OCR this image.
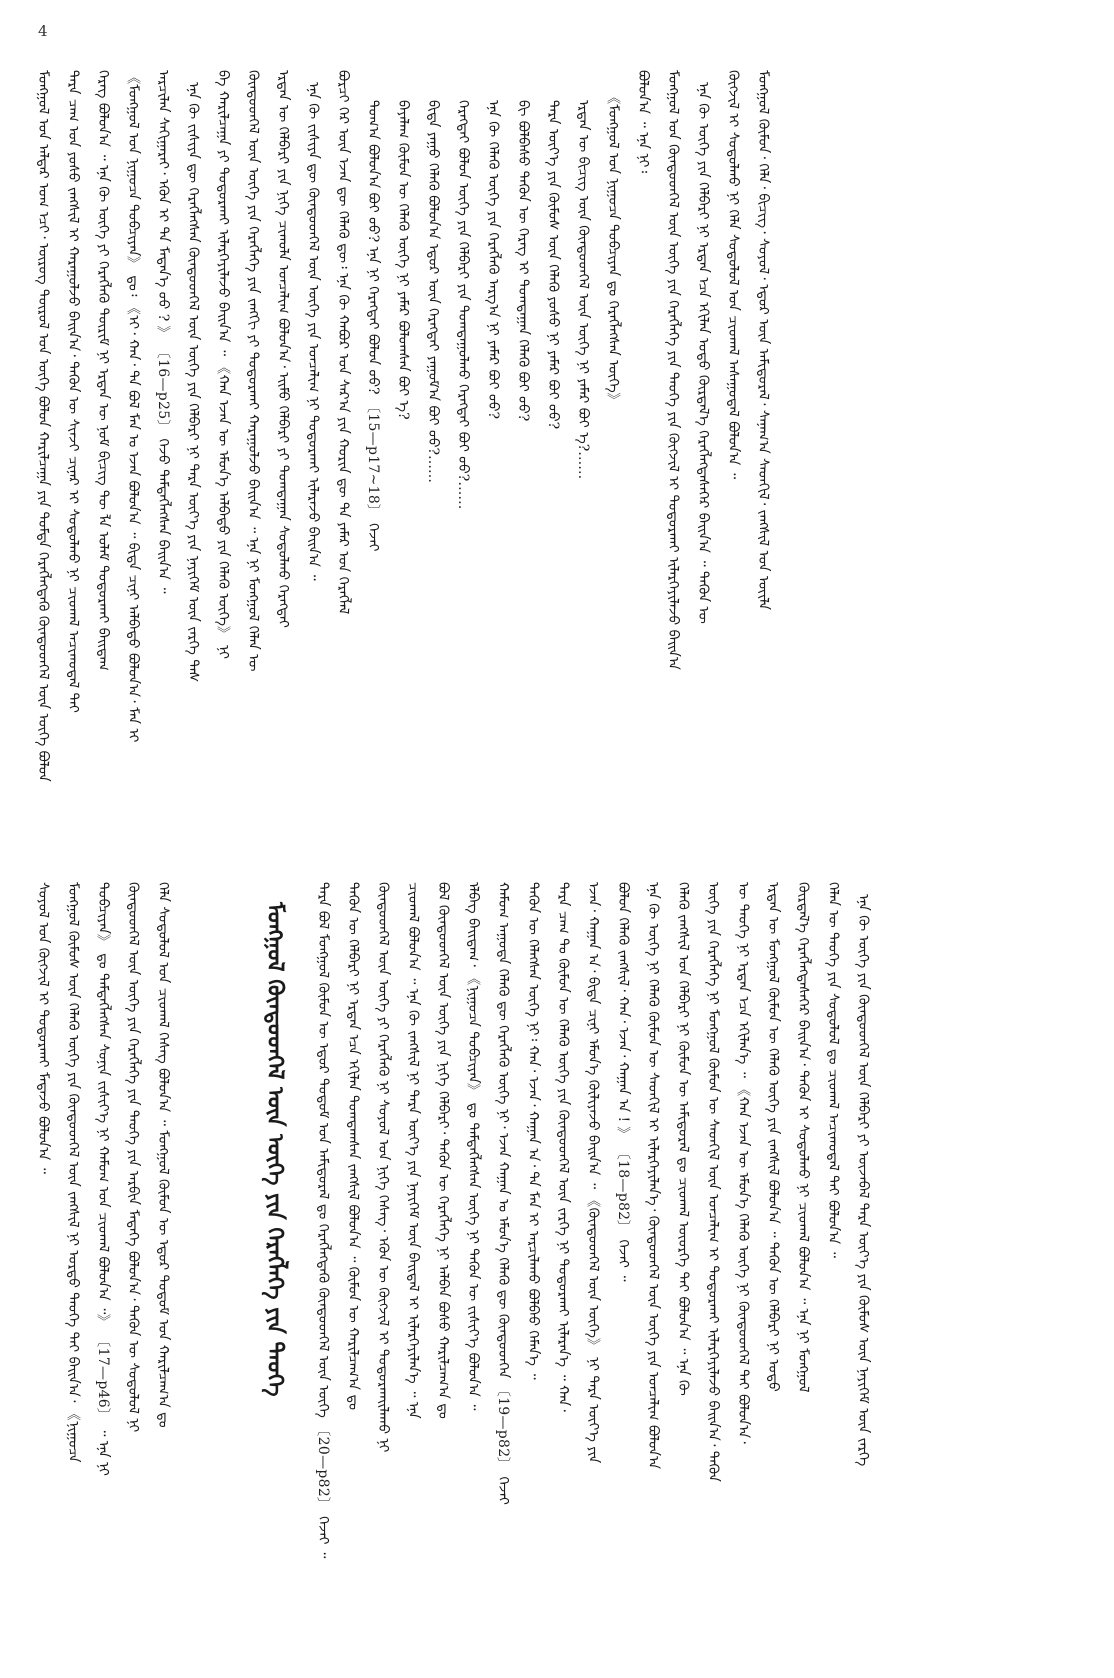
4
ᠮᠣᠩᠭᠣᠯ ᠤᠨ ᠠᠯᠳᠠᠷ ᠤᠭ ᠡᠴᠢ᠂ ᠦᠷᠦᠭ ᠲᠦᠷᠦᠯ ᠤᠨ ᠦᠭᠡ ᠪᠣᠯᠣᠨ ᠬᠠᠷᠢᠯᠴᠠᠭᠠ ᠶᠢᠨ ᠳᠤᠮᠳᠠ ᠬᠡᠷᠡᠭᠯᠡᠭᠳᠡᠬᠦ ᠬᠦᠨᠳᠦᠳᠬᠡᠯ ᠦᠨ ᠦᠭᠡ ᠪᠣᠯᠣᠨ	ᠲᠡᠷᠡ ᠴᠠᠭ ᠤᠨ ᠶᠣᠰᠣ ᠵᠠᠩᠰᠢᠯ ᠢ ᠬᠠᠷᠠᠭᠤᠯᠵᠤ ᠪᠠᠢᠨ᠎ᠠ᠂ ᠲᠡᠭᠦᠨ ᠦ ᠰᠢᠨᠵᠢ ᠴᠢᠨᠠᠷ ᠢ ᠰᠤᠳᠤᠯᠬᠤ ᠨᠢ ᠴᠢᠤᠬᠠᠯ ᠠᠴᠢᠬᠤᠳᠠᠯ ᠲᠠᠢ	ᠬᠡᠷᠡᠭ ᠪᠣᠯᠤᠨ᠎ᠠ ᠃ ᠡᠨᠡ ᠬᠦ ᠦᠭᠡ ᠶᠢ ᠬᠡᠷᠡᠭᠯᠡᠬᠦ ᠳᠦᠷᠢᠮ ᠨᠢ ᠡᠷᠲᠡᠨ ᠦ ᠨᠣᠮ ᠪᠢᠴᠢᠭ ᠲᠦ ᠯᠡ ᠤᠯᠠᠮ ᠲᠤᠳᠣᠷᠬᠠᠢ ᠪᠠᠢᠳᠠᠭ	《ᠮᠣᠩᠭᠣᠯ ᠤᠨ ᠨᠢᠭᠤᠴᠠ ᠲᠣᠪᠴᠢᠶᠠᠨ》 ᠳᠤ᠄ 《ᠡᠢ᠂ ᠬᠠᠨ᠂ ᠲᠠ ᠪᠣᠯ ᠮᠠᠨ ᠤ ᠡᠵᠡᠨ ᠪᠣᠯᠤᠨ᠎ᠠ ᠃ ᠪᠢᠳᠡ ᠴᠢᠨᠢ ᠠᠯᠪᠠᠲᠤ ᠪᠣᠯᠤᠨ᠎ᠠ᠂ ᠮᠠᠨ ᠢ	ᠠᠷᠴᠢᠯᠠᠨ ᠰᠠᠬᠢᠭᠠᠷᠠᠢ᠂ ᠡᠭᠦᠨ ᠢ ᠲᠠ ᠮᠡᠳᠡᠨ᠎ᠡ ᠦᠦ ? 》 〔16—p25〕 ᠭᠡᠵᠦ ᠲᠡᠮᠳᠡᠭᠯᠡᠭᠰᠡᠨ ᠪᠠᠢᠨ᠎ᠠ ᠃	ᠡᠨᠡ ᠬᠦ ᠵᠢᠱᠢᠶᠡ ᠳᠦ ᠬᠡᠷᠡᠭᠯᠡᠭᠰᠡᠨ ᠬᠦᠨᠳᠦᠳᠬᠡᠯ ᠦᠨ ᠦᠭᠡ ᠶᠢᠨ ᠬᠡᠯᠪᠡᠷᠢ ᠨᠢ ᠲᠡᠷᠡ ᠦᠶ᠎ᠡ ᠶᠢᠨ ᠨᠡᠶᠢᠭᠡᠮ ᠦᠨ ᠵᠡᠷᠭᠡ ᠳᠡᠰ	ᠪᠠ ᠬᠠᠷᠢᠯᠴᠠᠭᠠ ᠶᠢ ᠲᠣᠳᠣᠷᠬᠠᠢ ᠢᠯᠡᠷᠬᠡᠶᠢᠯᠡᠵᠦ ᠪᠠᠢᠨ᠎ᠠ ᠃ 《ᠬᠠᠨ ᠡᠵᠡᠨ ᠦ ᠡᠮᠦᠨ᠎ᠡ ᠠᠯᠪᠠᠲᠤ ᠶᠢᠨ ᠬᠡᠯᠡᠬᠦ ᠦᠭᠡ》 ᠨᠢ	ᠬᠦᠨᠳᠦᠳᠬᠡᠯ ᠦᠨ ᠦᠭᠡ ᠶᠢᠨ ᠬᠡᠷᠡᠭᠯᠡᠭᠡ ᠶᠢᠨ ᠵᠠᠩᠭᠢ ᠶᠢ ᠲᠣᠳᠣᠷᠬᠠᠢ ᠬᠠᠷᠠᠭᠤᠯᠵᠤ ᠪᠠᠢᠨ᠎ᠠ ᠃ ᠡᠨᠡ ᠨᠢ ᠮᠣᠩᠭᠣᠯ ᠬᠡᠯᠡᠨ ᠦ	ᠡᠷᠲᠡᠨ ᠦ ᠬᠡᠯᠪᠡᠷᠢ ᠶᠢᠨ ᠨᠢᠭᠡ ᠴᠢᠬᠤᠯᠠ ᠣᠨᠴᠠᠯᠢᠭ ᠪᠣᠯᠤᠨ᠎ᠠ᠂ ᠡᠢᠮᠦ ᠬᠡᠯᠪᠡᠷᠢ ᠶᠢ ᠲᠣᠭᠲᠠᠭᠠᠨ ᠰᠤᠳᠤᠯᠬᠤ ᠬᠡᠷᠡᠭᠲᠡᠢ	ᠡᠨᠡ ᠬᠦ ᠵᠢᠱᠢᠶᠡ ᠳᠦ ᠬᠦᠨᠳᠦᠳᠬᠡᠯ ᠦᠨ ᠦᠭᠡ ᠶᠢᠨ ᠣᠨᠴᠠᠯᠢᠭ ᠨᠢ ᠲᠣᠳᠣᠷᠬᠠᠢ ᠢᠯᠡᠷᠡᠵᠦ ᠪᠠᠢᠨ᠎ᠠ ᠃	ᠪᠣᠷᠴᠢ ᠭᠡᠷ ᠦᠨ ᠡᠵᠡᠨ ᠳᠦ ᠬᠡᠯᠡᠬᠦ ᠳᠦ᠄ ᠡᠨᠡ ᠬᠦ ᠬᠠᠪᠤᠷ ᠤᠨ ᠰᠠᠷ᠎ᠠ ᠶᠢᠨ ᠬᠤᠷᠢᠨ ᠳᠦ ᠲᠠ ᠶᠠᠮᠠᠷ ᠡᠳ ᠬᠡᠷᠡᠭᠯᠡᠯ	ᠲᠣᠭ᠎ᠠ ᠪᠣᠯᠤᠨ᠎ᠠ ᠪᠤᠢ ᠦᠦ? ᠡᠨᠡ ᠨᠢ ᠬᠡᠷᠡᠭᠲᠡᠢ ᠪᠣᠯᠤᠨ ᠦᠦ? 〔15—p17~18〕 ᠭᠡᠵᠡᠢ
ᠪᠠᠶᠠᠯᠠᠭ ᠬᠦᠮᠦᠨ ᠦ ᠬᠡᠯᠡᠬᠦ ᠦᠭᠡ ᠨᠢ ᠶᠠᠮᠠᠷ ᠪᠣᠯᠤᠭᠰᠠᠨ ᠪᠤᠢ ᠡ?	ᠪᠢᠳᠡ ᠶᠠᠭᠤ ᠬᠡᠯᠡᠬᠦ ᠪᠣᠯᠤᠨ᠎ᠠ ᠡᠳᠦᠷ ᠦᠨ ᠬᠡᠷᠡᠭᠲᠡᠢ ᠶᠠᠭᠤᠮ᠎ᠠ ᠪᠤᠢ ᠦᠦ?……	ᠬᠡᠷᠡᠭᠲᠡᠢ ᠪᠣᠯᠤᠨ ᠦᠭᠡ ᠶᠢᠨ ᠬᠡᠯᠪᠡᠷᠢ ᠶᠢᠨ ᠲᠣᠭᠲᠠᠭᠤᠯᠬᠤ ᠬᠡᠷᠡᠭᠲᠡᠢ ᠪᠤᠢ ᠦᠦ?……	ᠡᠨᠡ ᠬᠦ ᠬᠡᠯᠡᠬᠦ ᠦᠭᠡ ᠶᠢᠨ ᠬᠡᠷᠡᠭᠯᠡᠬᠦ ᠠᠷᠭ᠎ᠠ ᠨᠢ ᠶᠠᠮᠠᠷ ᠪᠤᠢ ᠦᠦ?	ᠪᠢ ᠪᠣᠯᠪᠠᠰᠤ ᠲᠡᠭᠦᠨ ᠦ ᠬᠡᠷᠡᠭ ᠢ ᠲᠣᠭᠲᠠᠭᠠᠨ ᠬᠡᠯᠡᠬᠦ ᠪᠤᠢ ᠦᠦ?	ᠲᠡᠷᠡ ᠦᠶ᠎ᠡ ᠶᠢᠨ ᠬᠦᠮᠦᠰ ᠦᠨ ᠬᠡᠯᠡᠬᠦ ᠶᠣᠰᠣ ᠨᠢ ᠶᠠᠮᠠᠷ ᠪᠤᠢ ᠦᠦ?	ᠡᠷᠲᠡᠨ ᠦ ᠪᠢᠴᠢᠭ ᠦᠨ ᠬᠦᠨᠳᠦᠳᠬᠡᠯ ᠦᠨ ᠦᠭᠡ ᠨᠢ ᠶᠠᠮᠠᠷ ᠪᠤᠢ ᠡ?……	《ᠮᠣᠩᠭᠣᠯ ᠤᠨ ᠨᠢᠭᠤᠴᠠ ᠲᠣᠪᠴᠢᠶᠠᠨ ᠳᠤ ᠬᠡᠷᠡᠭᠯᠡᠭᠰᠡᠨ ᠦᠭᠡ》	ᠪᠣᠯᠤᠨ᠎ᠠ ᠃ ᠡᠨᠡ ᠨᠢ᠄	ᠮᠣᠩᠭᠣᠯ ᠤᠨ ᠬᠦᠨᠳᠦᠳᠬᠡᠯ ᠦᠨ ᠦᠭᠡ ᠶᠢᠨ ᠬᠡᠷᠡᠭᠯᠡᠭᠡ ᠶᠢᠨ ᠲᠡᠦᠬᠡ ᠶᠢᠨ ᠬᠦᠭᠵᠢᠯ ᠢ ᠲᠣᠳᠣᠷᠬᠠᠢ ᠢᠯᠡᠷᠬᠡᠶᠢᠯᠡᠵᠦ ᠪᠠᠢᠨ᠎ᠠ	ᠡᠨᠡ ᠬᠦ ᠦᠭᠡ ᠶᠢᠨ ᠬᠡᠯᠪᠡᠷᠢ ᠨᠢ ᠡᠷᠲᠡᠨ ᠡᠴᠡ ᠡᠬᠢᠯᠡᠨ ᠣᠳᠣ ᠬᠦᠷᠲᠡᠯ᠎ᠡ ᠬᠡᠷᠡᠭᠯᠡᠭᠳᠡᠰᠡᠭᠡᠷ ᠪᠠᠢᠨ᠎ᠠ ᠃ ᠲᠡᠭᠦᠨ ᠦ	ᠬᠦᠭᠵᠢᠯ ᠢ ᠰᠤᠳᠤᠯᠬᠤ ᠨᠢ ᠬᠡᠯᠡ ᠰᠤᠳᠤᠯᠤᠯ ᠤᠨ ᠴᠢᠤᠬᠠᠯ ᠠᠰᠠᠭᠤᠳᠠᠯ ᠪᠣᠯᠤᠨ᠎ᠠ ᠃	ᠮᠣᠩᠭᠣᠯ ᠬᠦᠮᠦᠨ᠂ ᠬᠡᠯᠡ᠂ ᠪᠢᠴᠢᠭ᠂ ᠰᠣᠶᠣᠯ᠂ ᠡᠳᠦᠷ ᠦᠨ ᠠᠮᠢᠳᠤᠷᠠᠯ᠂ ᠰᠠᠨᠠᠭ᠎ᠠ ᠰᠡᠳᠬᠢᠯ᠂ ᠵᠠᠩᠰᠢᠯ ᠤᠨ ᠦᠢᠯᠡ
ᠰᠣᠶᠣᠯ ᠤᠨ ᠬᠦᠭᠵᠢᠯ ᠢ ᠲᠣᠳᠣᠷᠬᠠᠢ ᠮᠡᠳᠡᠵᠦ ᠪᠣᠯᠤᠨ᠎ᠠ ᠃	ᠮᠣᠩᠭᠣᠯ ᠬᠦᠮᠦᠰ ᠦᠨ ᠬᠡᠯᠡᠬᠦ ᠦᠭᠡ ᠶᠢᠨ ᠬᠦᠨᠳᠦᠳᠬᠡᠯ ᠦᠨ ᠵᠠᠩᠰᠢᠯ ᠨᠢ ᠤᠷᠲᠤ ᠲᠡᠦᠬᠡ ᠲᠠᠢ ᠪᠠᠢᠨ᠎ᠠ᠂ 《ᠨᠢᠭᠤᠴᠠ	ᠲᠣᠪᠴᠢᠶᠠᠨ》 ᠳᠤ ᠲᠡᠮᠳᠡᠭᠯᠡᠭᠰᠡᠨ ᠰᠣᠨᠢᠨ ᠵᠢᠱᠢᠶ᠎ᠡ ᠨᠢ ᠬᠠᠮᠤᠭ ᠤᠨ ᠴᠢᠤᠬᠠᠯ ᠪᠣᠯᠤᠨ᠎ᠠ ᠃》 〔17—p46〕 ᠃ ᠡᠨᠡ ᠨᠢ
ᠬᠦᠨᠳᠦᠳᠬᠡᠯ ᠦᠨ ᠦᠭᠡ ᠶᠢᠨ ᠬᠡᠷᠡᠭᠯᠡᠭᠡ ᠶᠢᠨ ᠲᠡᠦᠬᠡ ᠶᠢᠨ ᠠᠷᠪᠢᠨ ᠮᠡᠳᠡᠭᠡ ᠪᠣᠯᠤᠨ᠎ᠠ᠂ ᠲᠡᠭᠦᠨ ᠦ ᠰᠤᠳᠤᠯᠤᠯ ᠨᠢ	ᠬᠡᠯᠡ ᠰᠤᠳᠤᠯᠤᠯ ᠤᠨ ᠴᠢᠤᠬᠠᠯ ᠬᠡᠰᠡᠭ ᠪᠣᠯᠤᠨ᠎ᠠ ᠃ ᠮᠣᠩᠭᠣᠯ ᠬᠦᠮᠦᠨ ᠦ ᠡᠳᠦᠷ ᠲᠤᠲᠤᠮ ᠤᠨ ᠬᠠᠷᠢᠯᠴᠠᠭ᠎ᠠ ᠳᠤ	ᠮᠣᠩᠭᠣᠯ ᠬᠦᠨᠳᠦᠳᠬᠡᠯ ᠦᠨ ᠦᠭᠡ ᠶᠢᠨ ᠬᠡᠷᠡᠭᠯᠡᠭᠡ ᠶᠢᠨ ᠲᠡᠦᠬᠡ	ᠲᠡᠷᠡ ᠪᠣᠯ ᠮᠣᠩᠭᠣᠯ ᠬᠦᠮᠦᠨ ᠦ ᠡᠳᠦᠷ ᠲᠤᠲᠤᠮ ᠤᠨ ᠠᠮᠢᠳᠤᠷᠠᠯ ᠳᠤ ᠬᠡᠷᠡᠭᠯᠡᠭᠳᠡᠬᠦ ᠬᠦᠨᠳᠦᠳᠬᠡᠯ ᠦᠨ ᠦᠭᠡ 〔20—p82〕 ᠭᠡᠵᠡᠢ ᠃
ᠲᠡᠭᠦᠨ ᠦ ᠬᠡᠯᠪᠡᠷᠢ ᠨᠢ ᠡᠷᠲᠡᠨ ᠡᠴᠡ ᠡᠬᠢᠯᠡᠨ ᠲᠣᠭᠲᠠᠭᠰᠠᠨ ᠵᠠᠩᠰᠢᠯ ᠪᠣᠯᠤᠨ᠎ᠠ ᠃ ᠬᠦᠮᠦᠨ ᠦ ᠬᠠᠷᠢᠯᠴᠠᠭ᠎ᠠ ᠳᠤ	ᠬᠦᠨᠳᠦᠳᠬᠡᠯ ᠦᠨ ᠦᠭᠡ ᠶᠢ ᠬᠡᠷᠡᠭᠯᠡᠬᠦ ᠨᠢ ᠰᠣᠶᠣᠯ ᠤᠨ ᠨᠢᠭᠡ ᠬᠡᠰᠡᠭ᠂ ᠡᠭᠦᠨ ᠦ ᠬᠦᠭᠵᠢᠯ ᠢ ᠲᠣᠳᠣᠷᠬᠠᠢᠯᠠᠬᠤ ᠨᠢ	ᠴᠢᠤᠬᠠᠯ ᠪᠣᠯᠤᠨ᠎ᠠ ᠃ ᠡᠨᠡ ᠬᠦ ᠵᠠᠩᠰᠢᠯ ᠨᠢ ᠲᠡᠷᠡ ᠦᠶ᠎ᠡ ᠶᠢᠨ ᠨᠡᠶᠢᠭᠡᠮ ᠦᠨ ᠪᠠᠢᠳᠠᠯ ᠢ ᠢᠯᠡᠷᠬᠡᠶᠢᠯᠡᠨ᠎ᠡ ᠃ ᠡᠨᠡ	ᠪᠣᠯ ᠬᠦᠨᠳᠦᠳᠬᠡᠯ ᠦᠨ ᠦᠭᠡ ᠶᠢᠨ ᠨᠢᠭᠡ ᠬᠡᠯᠪᠡᠷᠢ᠂ ᠲᠡᠭᠦᠨ ᠦ ᠬᠡᠷᠡᠭᠯᠡᠭᠡ ᠨᠢ ᠠᠯᠪᠠᠨ ᠪᠤᠰᠤ ᠬᠠᠷᠢᠯᠴᠠᠭ᠎ᠠ ᠳᠤ	ᠡᠯᠪᠡᠭ ᠪᠠᠢᠳᠠᠭ᠂ 《ᠨᠢᠭᠤᠴᠠ ᠲᠣᠪᠴᠢᠶᠠᠨ》 ᠳᠤ ᠲᠡᠮᠳᠡᠭᠯᠡᠭᠰᠡᠨ ᠦᠭᠡ ᠨᠢ ᠲᠡᠭᠦᠨ ᠦ ᠵᠢᠱᠢᠶ᠎ᠡ ᠪᠣᠯᠤᠨ᠎ᠠ ᠃	ᠬᠠᠮᠤᠭ ᠠᠭᠤᠳᠠ ᠬᠡᠯᠡᠬᠦ ᠳᠦ ᠬᠡᠷᠡᠭᠯᠡᠬᠦ ᠦᠭᠡ ᠨᠢ᠂ ᠡᠵᠡᠨ ᠬᠠᠭᠠᠨ ᠤ ᠡᠮᠦᠨ᠎ᠡ ᠬᠡᠯᠡᠬᠦ ᠳᠦ ᠬᠦᠨᠳᠦᠳᠬᠡᠨ 〔19—p82〕 ᠭᠡᠵᠡᠢ
ᠲᠡᠭᠦᠨ ᠦ ᠬᠡᠯᠡᠭᠰᠡᠨ ᠦᠭᠡ ᠨᠢ᠄ ᠬᠠᠨ᠂ ᠡᠵᠡᠨ᠂ ᠬᠠᠭᠠᠨ ᠠ᠂ ᠲᠠ ᠮᠠᠨ ᠢ ᠠᠷᠴᠢᠯᠠᠬᠤ ᠪᠣᠯᠪᠠᠤ ᠬᠡᠮᠡᠨ᠎ᠡ ᠃	ᠲᠡᠷᠡ ᠴᠠᠭ ᠲᠤ ᠬᠦᠮᠦᠨ ᠦ ᠬᠡᠯᠡᠬᠦ ᠦᠭᠡ ᠶᠢᠨ ᠬᠦᠨᠳᠦᠳᠬᠡᠯ ᠦᠨ ᠵᠡᠷᠭᠡ ᠨᠢ ᠲᠣᠳᠣᠷᠬᠠᠢ ᠢᠯᠡᠷᠡᠨ᠎ᠡ ᠃ ᠬᠠᠨ᠂	ᠡᠵᠡᠨ᠂ ᠬᠠᠭᠠᠨ ᠠ᠂ ᠪᠢᠳᠡ ᠴᠢᠨᠢ ᠡᠮᠦᠨ᠎ᠡ ᠬᠦᠯᠢᠶᠡᠵᠦ ᠪᠠᠢᠨ᠎ᠠ ᠃ 《ᠬᠦᠨᠳᠦᠳᠬᠡᠯ ᠦᠨ ᠦᠭᠡ》 ᠨᠢ ᠲᠡᠷᠡ ᠦᠶ᠎ᠡ ᠶᠢᠨ	ᠪᠣᠯᠤᠨ ᠬᠡᠯᠡᠬᠦ ᠵᠠᠩᠰᠢᠯ᠂ ᠬᠠᠨ᠂ ᠡᠵᠡᠨ᠂ ᠬᠠᠭᠠᠨ ᠠ ! 》 〔18—p82〕 ᠭᠡᠵᠡᠢ ᠃	ᠡᠨᠡ ᠬᠦ ᠦᠭᠡ ᠨᠢ ᠬᠡᠯᠡᠬᠦ ᠬᠦᠮᠦᠨ ᠦ ᠰᠡᠳᠬᠢᠯ ᠢ ᠢᠯᠡᠷᠬᠡᠶᠢᠯᠡᠨ᠎ᠡ᠂ ᠬᠦᠨᠳᠦᠳᠬᠡᠯ ᠦᠨ ᠦᠭᠡ ᠶᠢᠨ ᠣᠨᠴᠠᠯᠢᠭ ᠪᠣᠯᠤᠨ᠎ᠠ	ᠬᠡᠯᠡᠬᠦ ᠵᠠᠩᠰᠢᠯ ᠤᠨ ᠬᠡᠯᠪᠡᠷᠢ ᠨᠢ ᠬᠦᠮᠦᠨ ᠦ ᠠᠮᠢᠳᠤᠷᠠᠯ ᠳᠤ ᠴᠢᠤᠬᠠᠯ ᠦᠦᠷᠭᠡ ᠲᠠᠢ ᠪᠣᠯᠤᠨ᠎ᠠ ᠃ ᠡᠨᠡ ᠬᠦ	ᠦᠭᠡ ᠶᠢᠨ ᠬᠡᠷᠡᠭᠯᠡᠭᠡ ᠨᠢ ᠮᠣᠩᠭᠣᠯ ᠬᠦᠮᠦᠨ ᠦ ᠰᠡᠳᠬᠢᠯ ᠦᠨ ᠣᠨᠴᠠᠯᠢᠭ ᠢ ᠲᠣᠳᠣᠷᠬᠠᠢ ᠢᠯᠡᠷᠬᠡᠶᠢᠯᠡᠵᠦ ᠪᠠᠢᠨ᠎ᠠ᠂ ᠲᠡᠭᠦᠨ	ᠦ ᠲᠡᠦᠬᠡ ᠨᠢ ᠡᠷᠲᠡᠨ ᠡᠴᠡ ᠡᠬᠢᠯᠡᠨ᠎ᠡ ᠃ 《ᠬᠠᠨ ᠡᠵᠡᠨ ᠦ ᠡᠮᠦᠨ᠎ᠡ ᠬᠡᠯᠡᠬᠦ ᠦᠭᠡ ᠨᠢ ᠬᠦᠨᠳᠦᠳᠬᠡᠯ ᠲᠠᠢ ᠪᠣᠯᠤᠨ᠎ᠠ᠂	ᠡᠷᠲᠡᠨ ᠦ ᠮᠣᠩᠭᠣᠯ ᠬᠦᠮᠦᠨ ᠦ ᠬᠡᠯᠡᠬᠦ ᠦᠭᠡ ᠶᠢᠨ ᠵᠠᠩᠰᠢᠯ ᠪᠣᠯᠤᠨ᠎ᠠ ᠃ ᠲᠡᠭᠦᠨ ᠦ ᠬᠡᠯᠪᠡᠷᠢ ᠨᠢ ᠣᠳᠣ	ᠬᠦᠷᠲᠡᠯ᠎ᠡ ᠬᠡᠷᠡᠭᠯᠡᠭᠳᠡᠰᠡᠭᠡᠷ ᠪᠠᠢᠨ᠎ᠠ᠂ ᠲᠡᠭᠦᠨ ᠢ ᠰᠤᠳᠤᠯᠬᠤ ᠨᠢ ᠴᠢᠤᠬᠠᠯ ᠪᠣᠯᠤᠨ᠎ᠠ ᠃ ᠡᠨᠡ ᠨᠢ ᠮᠣᠩᠭᠣᠯ	ᠬᠡᠯᠡᠨ ᠦ ᠲᠡᠦᠬᠡ ᠶᠢᠨ ᠰᠤᠳᠤᠯᠤᠯ ᠳᠤ ᠴᠢᠤᠬᠠᠯ ᠠᠴᠢᠬᠤᠳᠠᠯ ᠲᠠᠢ ᠪᠣᠯᠤᠨ᠎ᠠ ᠃	ᠡᠨᠡ ᠬᠦ ᠦᠭᠡ ᠶᠢᠨ ᠬᠦᠨᠳᠦᠳᠬᠡᠯ ᠦᠨ ᠬᠡᠯᠪᠡᠷᠢ ᠶᠢ ᠦᠵᠡᠪᠡᠯ ᠲᠡᠷᠡ ᠦᠶ᠎ᠡ ᠶᠢᠨ ᠬᠦᠮᠦᠰ ᠦᠨ ᠨᠡᠶᠢᠭᠡᠮ ᠦᠨ ᠵᠡᠷᠭᠡ
